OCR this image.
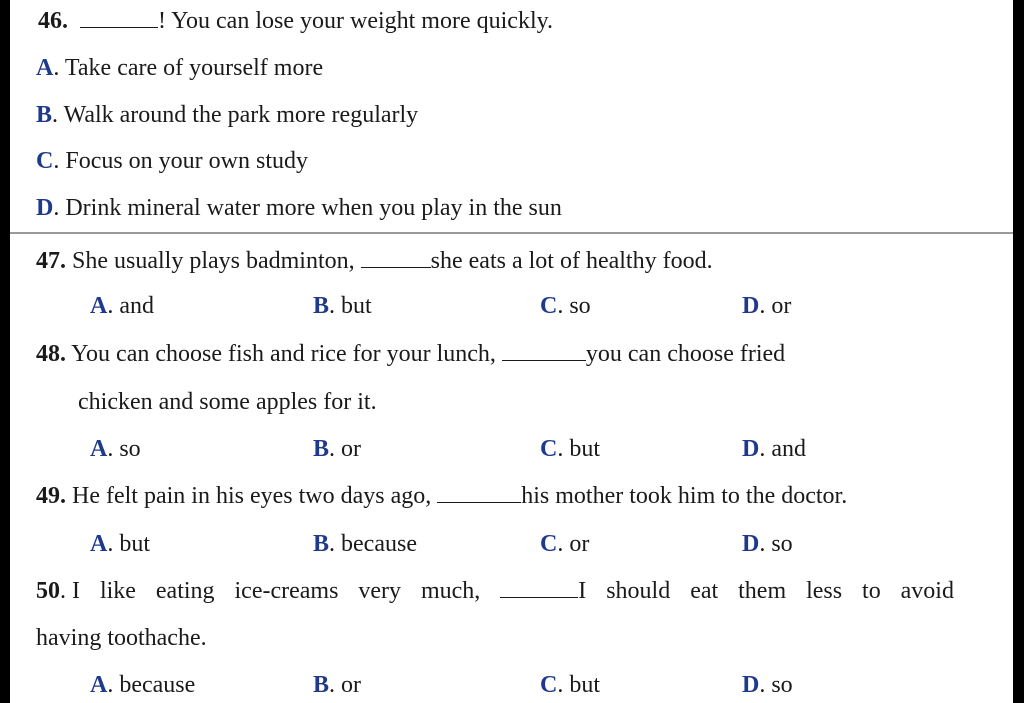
46.	! You can lose your weight more quickly.
A. Take care of yourself more
B. Walk around the park more regularly
C. Focus on your own study
D. Drink mineral water more when you play in the sun
47. She usually plays badminton,	she eats a lot of healthy food.
A. and	B. but	C. so	D. or
48. You can choose fish and rice for your lunch,	you can choose fried
chicken and some apples for it.
A. so	B. or	C. but	D. and
49. He felt pain in his eyes two days ago,	his mother took him to the doctor.
A. but	B. because	C. or	D. so
50. I like eating ice-creams very much,	I should eat them less to avoid
having toothache.
A. because	B. or	C. but	D. so
